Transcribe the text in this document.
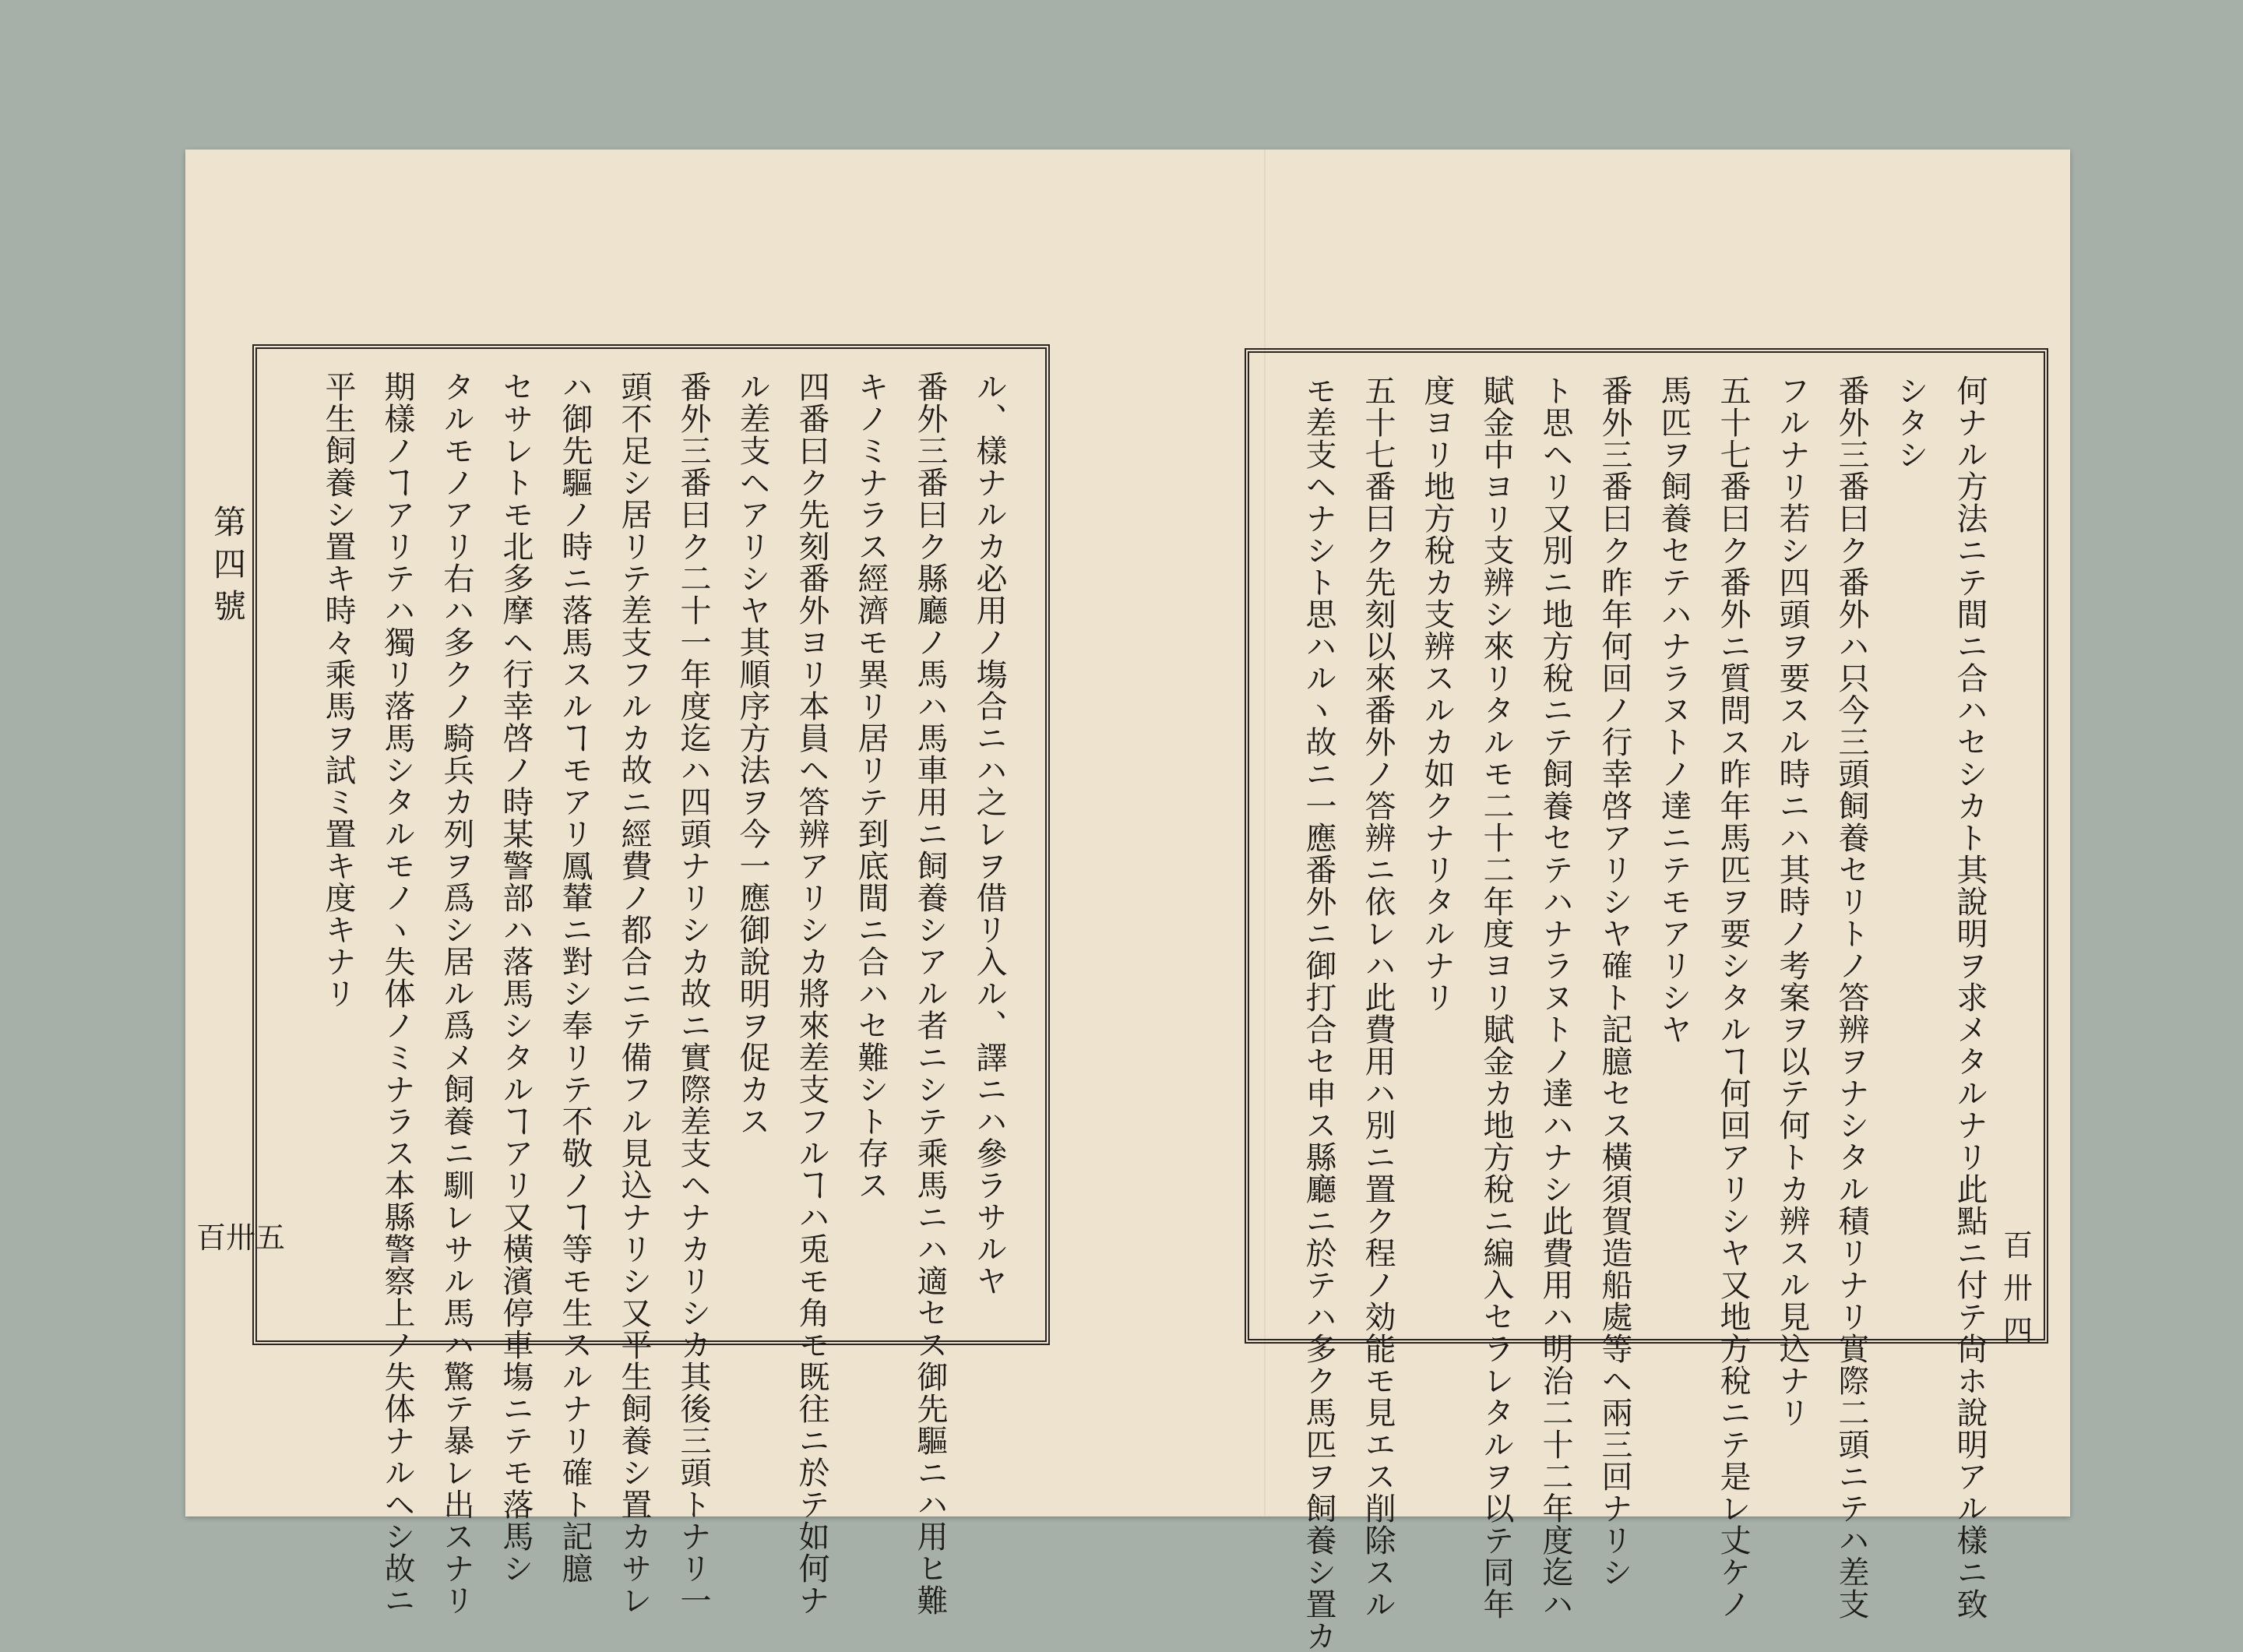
ル、樣ナルカ必用ノ塲合ニハ之レヲ借リ入ル、譯ニハ參ラサルヤ
番外三番曰ク縣廳ノ馬ハ馬車用ニ飼養シアル者ニシテ乘馬ニハ適セス御先驅ニハ用ヒ難
キノミナラス經濟モ異リ居リテ到底間ニ合ハセ難シト存ス
四番曰ク先刻番外ヨリ本員ヘ答辨アリシカ將來差支フルヿハ兎モ角モ既往ニ於テ如何ナ
ル差支ヘアリシヤ其順序方法ヲ今一應御說明ヲ促カス
番外三番曰ク二十一年度迄ハ四頭ナリシカ故ニ實際差支ヘナカリシカ其後三頭トナリ一
頭不足シ居リテ差支フルカ故ニ經費ノ都合ニテ備フル見込ナリシ又平生飼養シ置カサレ
ハ御先驅ノ時ニ落馬スルヿモアリ鳳輦ニ對シ奉リテ不敬ノヿ等モ生スルナリ確ト記臆
セサレトモ北多摩ヘ行幸啓ノ時某警部ハ落馬シタルヿアリ又橫濱停車塲ニテモ落馬シ
タルモノアリ右ハ多クノ騎兵カ列ヲ爲シ居ル爲メ飼養ニ馴レサル馬ハ驚テ暴レ出スナリ
期樣ノヿアリテハ獨リ落馬シタルモノヽ失体ノミナラス本縣警察上ノ失体ナルヘシ故ニ
平生飼養シ置キ時々乘馬ヲ試ミ置キ度キナリ
第四號
百卅五	何ナル方法ニテ間ニ合ハセシカト其說明ヲ求メタルナリ此點ニ付テ尙ホ說明アル樣ニ致
シタシ
番外三番曰ク番外ハ只今三頭飼養セリトノ答辨ヲナシタル積リナリ實際二頭ニテハ差支
フルナリ若シ四頭ヲ要スル時ニハ其時ノ考案ヲ以テ何トカ辨スル見込ナリ
五十七番曰ク番外ニ質問ス昨年馬匹ヲ要シタルヿ何回アリシヤ又地方稅ニテ是レ丈ケノ
馬匹ヲ飼養セテハナラヌトノ達ニテモアリシヤ
番外三番曰ク昨年何回ノ行幸啓アリシヤ確ト記臆セス橫須賀造船處等ヘ兩三回ナリシ
ト思ヘリ又別ニ地方稅ニテ飼養セテハナラヌトノ達ハナシ此費用ハ明治二十二年度迄ハ
賦金中ヨリ支辨シ來リタルモ二十二年度ヨリ賦金カ地方稅ニ編入セラレタルヲ以テ同年
度ヨリ地方稅カ支辨スルカ如クナリタルナリ
五十七番曰ク先刻以來番外ノ答辨ニ依レハ此費用ハ別ニ置ク程ノ効能モ見エス削除スル
モ差支ヘナシト思ハルヽ故ニ一應番外ニ御打合セ申ス縣廳ニ於テハ多ク馬匹ヲ飼養シ置カ	百卅四
